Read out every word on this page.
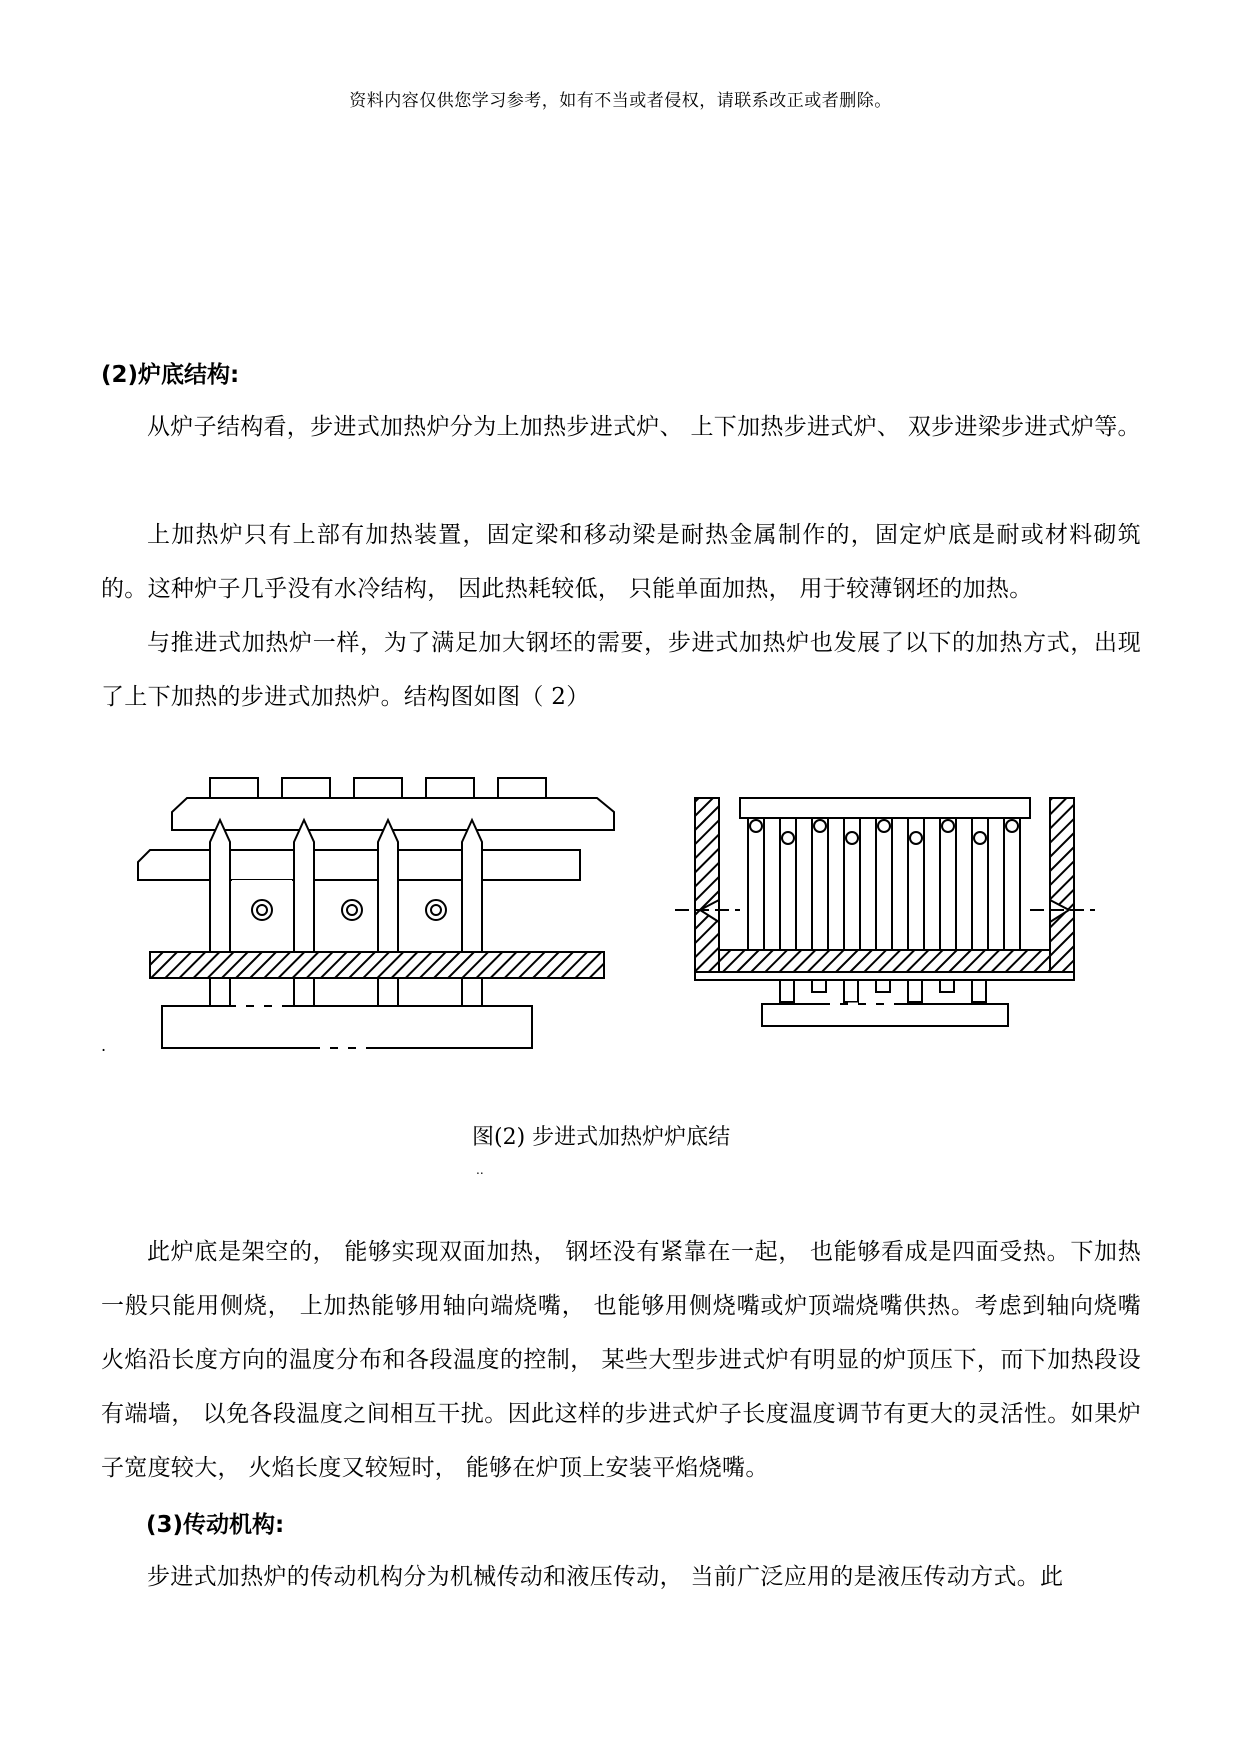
资料内容仅供您学习参考，如有不当或者侵权，请联系改正或者删除。
(2)炉底结构:

从炉子结构看，步进式加热炉分为上加热步进式炉、 上下加热步进式炉、 双步进梁步进式炉等。

上加热炉只有上部有加热装置，固定梁和移动梁是耐热金属制作的，固定炉底是耐或材料砌筑的。这种炉子几乎没有水冷结构， 因此热耗较低， 只能单面加热， 用于较薄钢坯的加热。

与推进式加热炉一样，为了满足加大钢坯的需要，步进式加热炉也发展了以下的加热方式，出现了上下加热的步进式加热炉。结构图如图（ 2）

.
图(2) 步进式加热炉炉底结
..

此炉底是架空的， 能够实现双面加热， 钢坯没有紧靠在一起， 也能够看成是四面受热。下加热一般只能用侧烧， 上加热能够用轴向端烧嘴， 也能够用侧烧嘴或炉顶端烧嘴供热。考虑到轴向烧嘴火焰沿长度方向的温度分布和各段温度的控制， 某些大型步进式炉有明显的炉顶压下，而下加热段设有端墙， 以免各段温度之间相互干扰。因此这样的步进式炉子长度温度调节有更大的灵活性。如果炉子宽度较大， 火焰长度又较短时， 能够在炉顶上安装平焰烧嘴。

(3)传动机构:

步进式加热炉的传动机构分为机械传动和液压传动， 当前广泛应用的是液压传动方式。此
